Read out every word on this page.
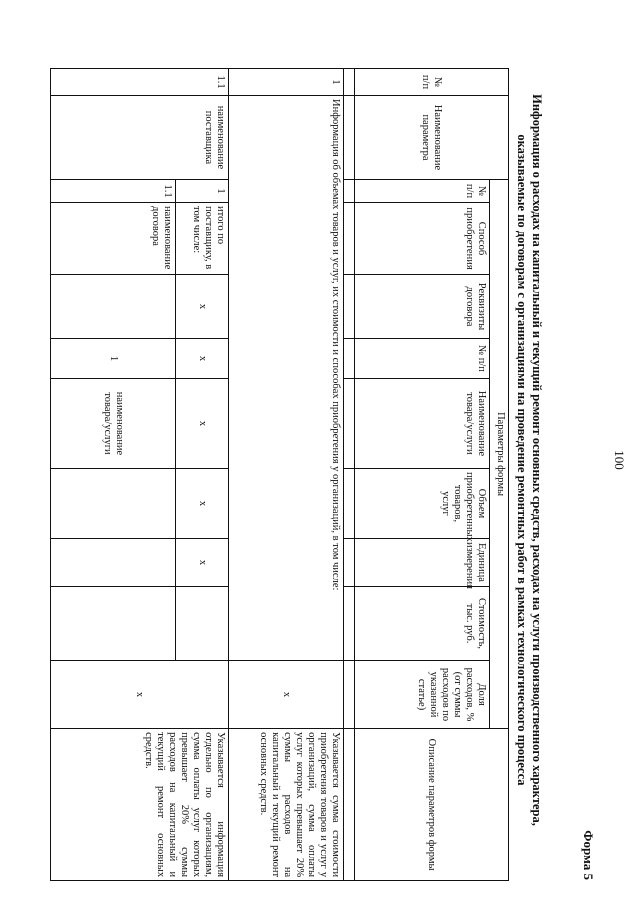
100
Форма 5
Информация о расходах на капитальный и текущий ремонт основных средств, расходах на услуги производственного характера,
оказываемые по договорам с организациями на проведение ремонтных работ в рамках технологического процесса
№ п/п	Наименование параметра	Параметры формы									Описание параметров формы
		№ п/п	Способ приобретения	Реквизиты договора	№ п/п	Наименование товара/услуги	Объем приобретенных товаров, услуг	Единица измерения	Стоимость, тыс. руб.	Доля расходов, % (от суммы расходов по указанной статье)	

1	Информация об объемах товаров и услуг, их стоимости и способах приобретения у организаций, в том числе:									x	Указывается сумма стоимости приобретения товаров и услуг у организаций, сумма оплаты услуг которых превышает 20% суммы расходов на капитальный и текущий ремонт основных средств.
1.1	наименование поставщика	1	итого по поставщику, в том числе:	x	x	x	x	x		x	Указывается информация отдельно по организациям, сумма оплаты услуг которых превышает 20% суммы расходов на капитальный и текущий ремонт основных средств.
		1.1	наименование договора		1	наименование товара/услуги					
